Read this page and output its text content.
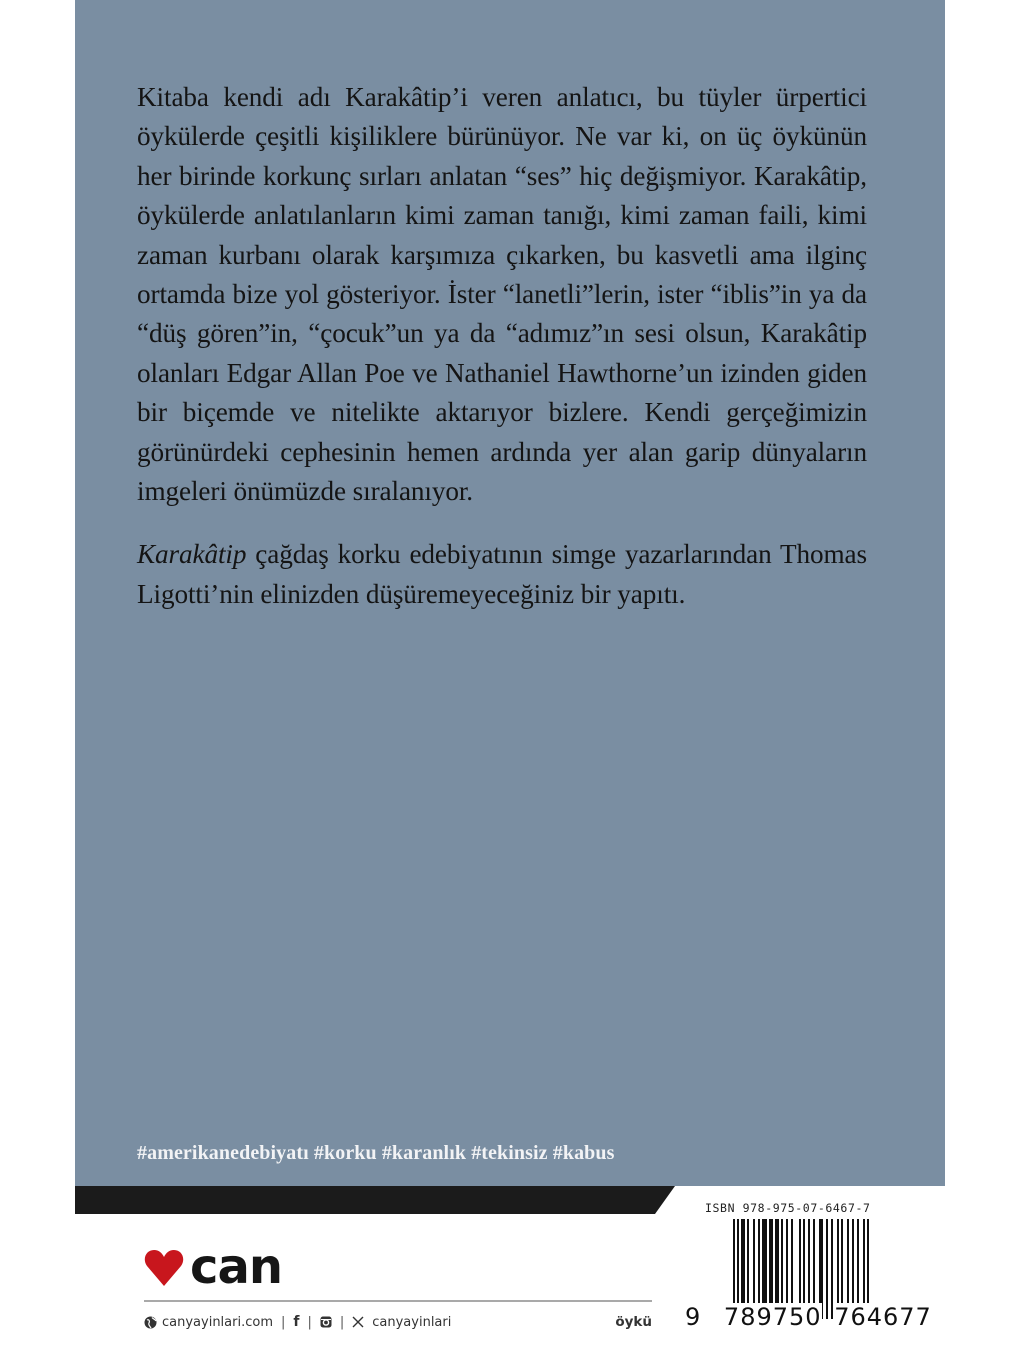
Kitaba kendi adı Karakâtip’i veren anlatıcı, bu tüyler ürpertici öykülerde çeşitli kişiliklere bürünüyor. Ne var ki, on üç öykünün her birinde korkunç sırları anlatan “ses” hiç değişmiyor. Karakâtip, öykülerde anlatılanların kimi zaman tanığı, kimi zaman faili, kimi zaman kurbanı olarak karşımıza çıkarken, bu kasvetli ama ilginç ortamda bize yol gösteriyor. İster “lanetli”lerin, ister “iblis”in ya da “düş gören”in, “çocuk”un ya da “adımız”ın sesi olsun, Karakâtip olanları Edgar Allan Poe ve Nathaniel Hawthorne’un izinden giden bir biçemde ve nitelikte aktarıyor bizlere. Kendi gerçeğimizin görünürdeki cephesinin hemen ardında yer alan garip dünyaların imgeleri önümüzde sıralanıyor.

Karakâtip çağdaş korku edebiyatının simge yazarlarından Thomas Ligotti’nin elinizden düşüremeyeceğiniz bir yapıtı.

#amerikanedebiyatı #korku #karanlık #tekinsiz #kabus
ISBN 978-975-07-6467-7
9 789750 764677
can
canyayinlari.com | f | | canyayinlari	öykü
